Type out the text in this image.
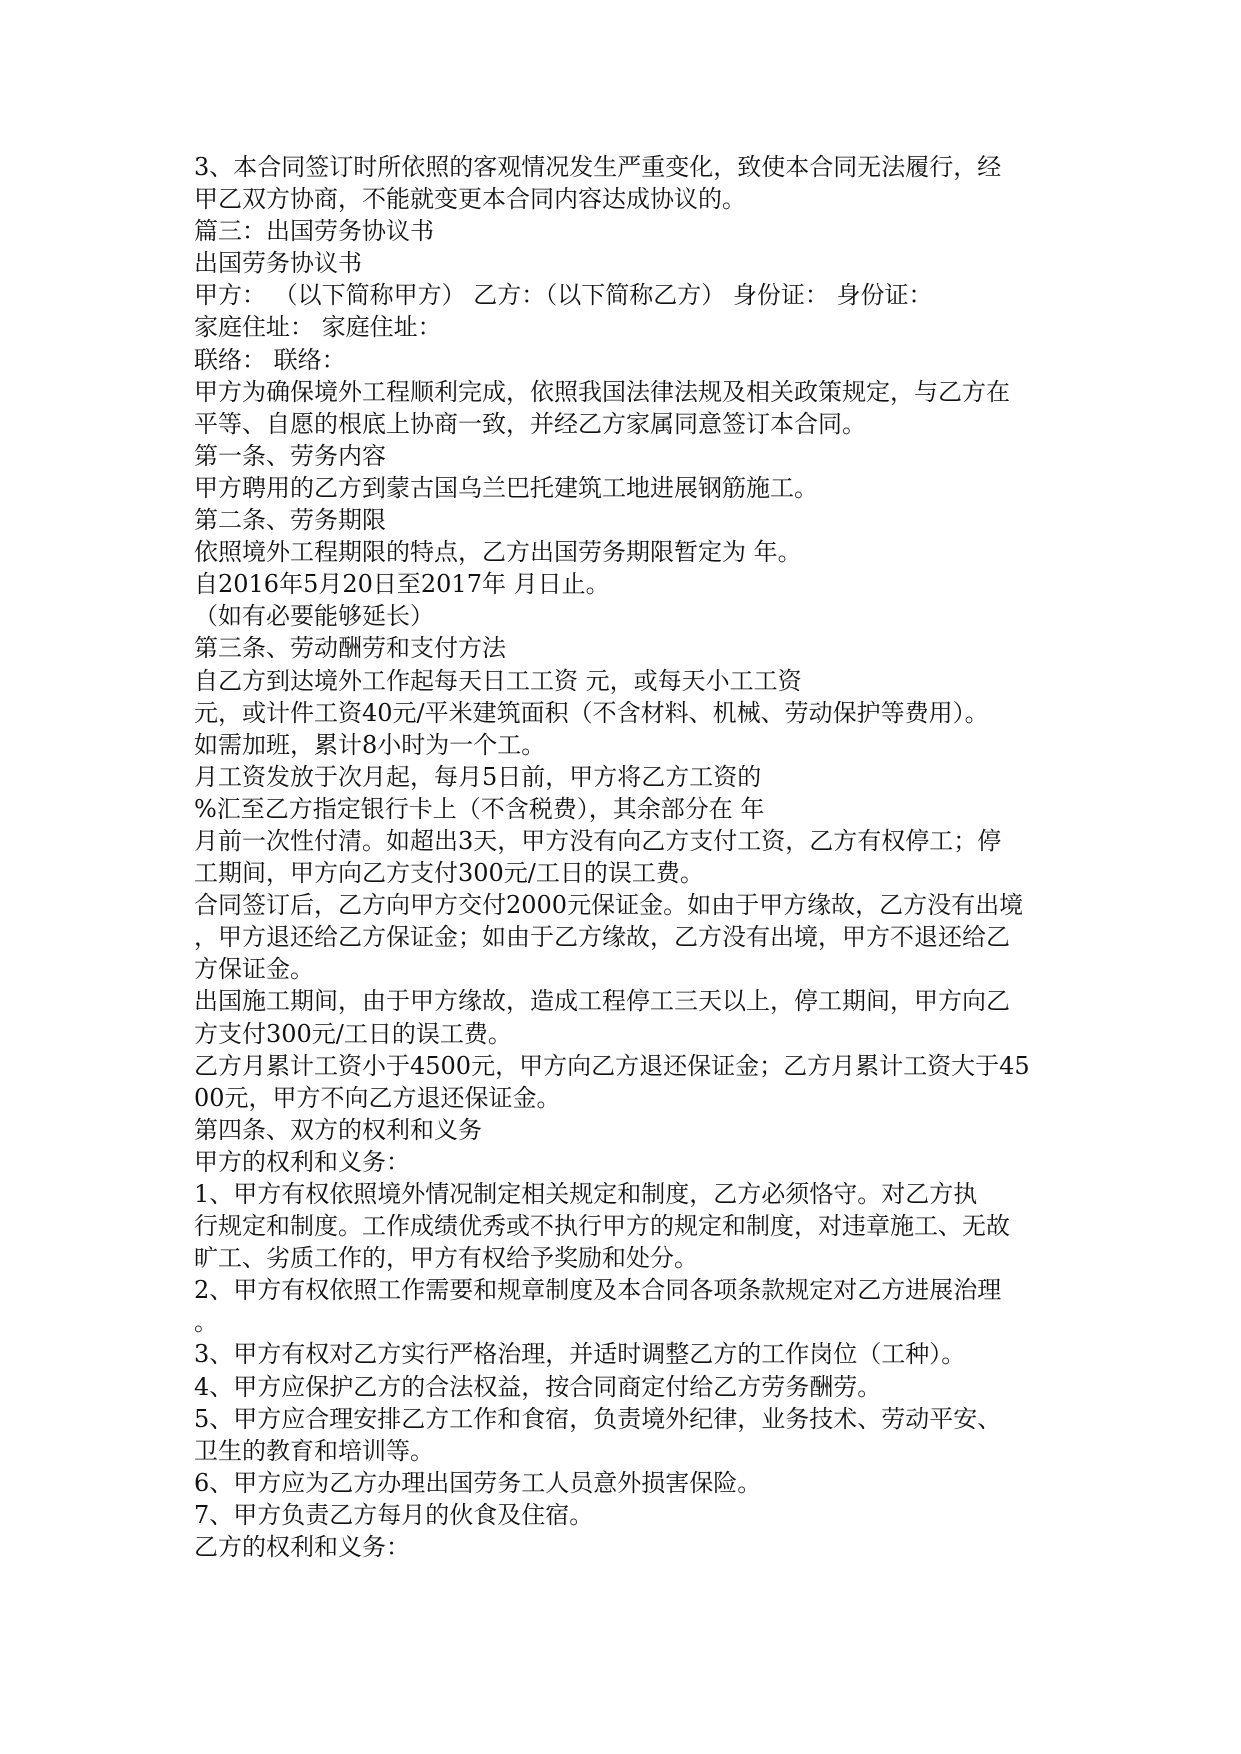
3、本合同签订时所依照的客观情况发生严重变化，致使本合同无法履行，经
甲乙双方协商，不能就变更本合同内容达成协议的。
篇三：出国劳务协议书
出国劳务协议书
甲方： （以下简称甲方） 乙方：（以下简称乙方） 身份证： 身份证：
家庭住址： 家庭住址：
联络： 联络：
甲方为确保境外工程顺利完成，依照我国法律法规及相关政策规定，与乙方在
平等、自愿的根底上协商一致，并经乙方家属同意签订本合同。
第一条、劳务内容
甲方聘用的乙方到蒙古国乌兰巴托建筑工地进展钢筋施工。
第二条、劳务期限
依照境外工程期限的特点，乙方出国劳务期限暂定为 年。
自2016年5月20日至2017年 月日止。
（如有必要能够延长）
第三条、劳动酬劳和支付方法
自乙方到达境外工作起每天日工工资 元，或每天小工工资
元，或计件工资40元/平米建筑面积（不含材料、机械、劳动保护等费用）。
如需加班，累计8小时为一个工。
月工资发放于次月起，每月5日前，甲方将乙方工资的
%汇至乙方指定银行卡上（不含税费），其余部分在 年
月前一次性付清。如超出3天，甲方没有向乙方支付工资，乙方有权停工；停
工期间，甲方向乙方支付300元/工日的误工费。
合同签订后，乙方向甲方交付2000元保证金。如由于甲方缘故，乙方没有出境
，甲方退还给乙方保证金；如由于乙方缘故，乙方没有出境，甲方不退还给乙
方保证金。
出国施工期间，由于甲方缘故，造成工程停工三天以上，停工期间，甲方向乙
方支付300元/工日的误工费。
乙方月累计工资小于4500元，甲方向乙方退还保证金；乙方月累计工资大于45
00元，甲方不向乙方退还保证金。
第四条、双方的权利和义务
甲方的权利和义务：
1、甲方有权依照境外情况制定相关规定和制度，乙方必须恪守。对乙方执
行规定和制度。工作成绩优秀或不执行甲方的规定和制度，对违章施工、无故
旷工、劣质工作的，甲方有权给予奖励和处分。
2、甲方有权依照工作需要和规章制度及本合同各项条款规定对乙方进展治理
。
3、甲方有权对乙方实行严格治理，并适时调整乙方的工作岗位（工种）。
4、甲方应保护乙方的合法权益，按合同商定付给乙方劳务酬劳。
5、甲方应合理安排乙方工作和食宿，负责境外纪律，业务技术、劳动平安、
卫生的教育和培训等。
6、甲方应为乙方办理出国劳务工人员意外损害保险。
7、甲方负责乙方每月的伙食及住宿。
乙方的权利和义务：
